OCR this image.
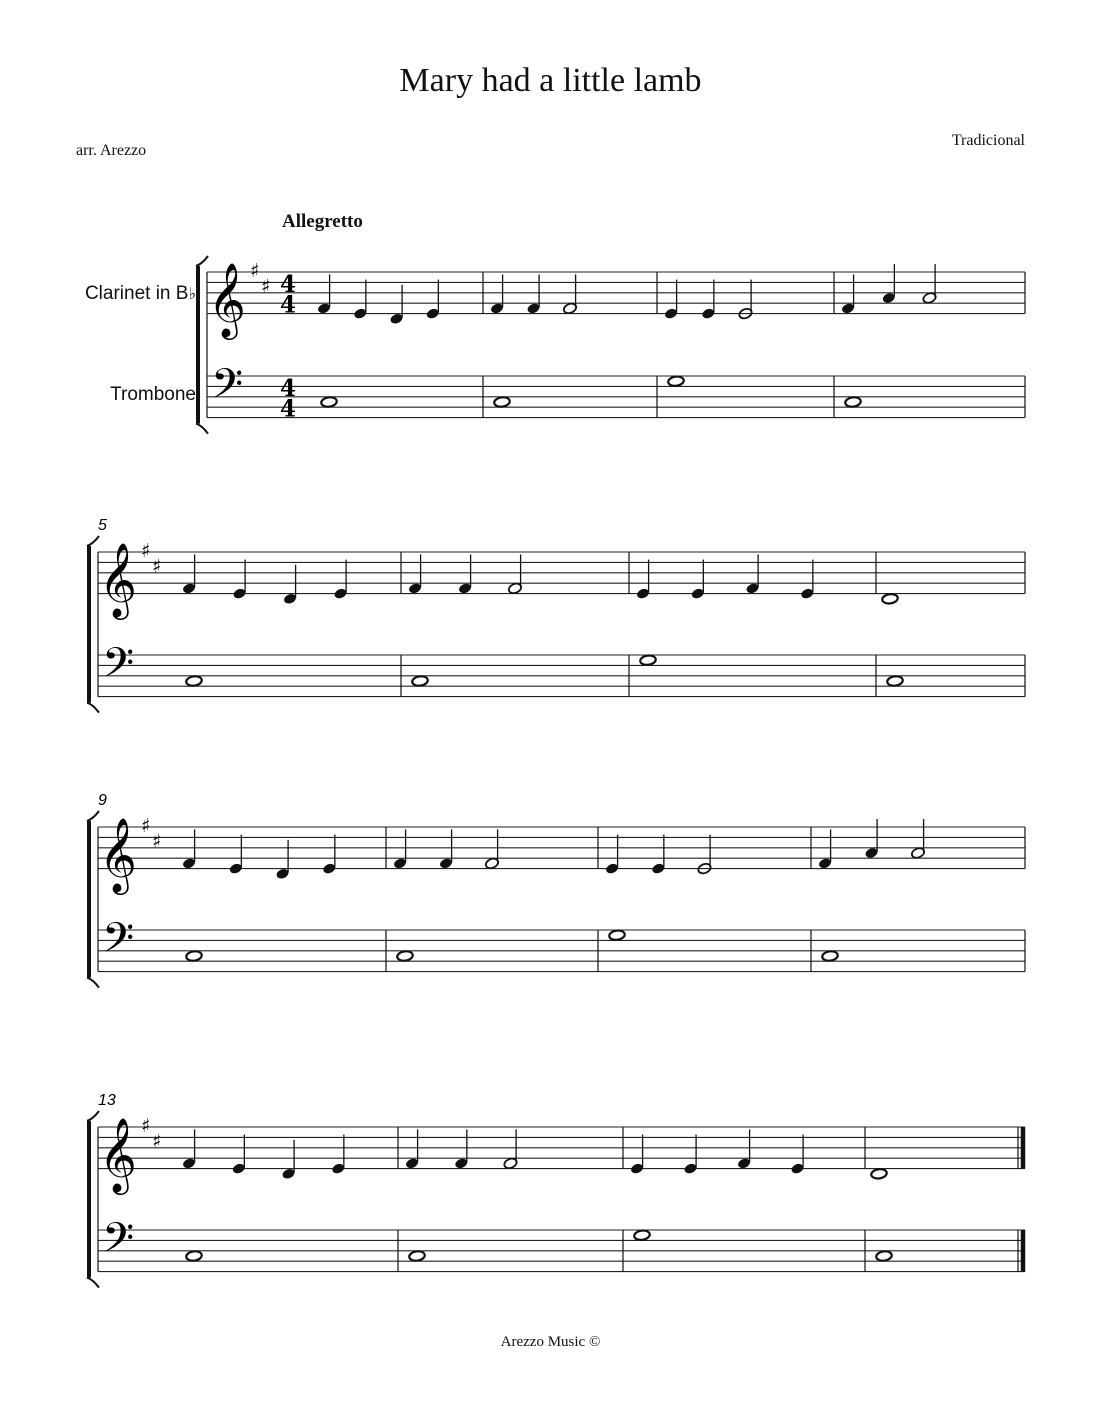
Mary had a little lamb
arr. Arezzo
Tradicional
Allegretto
Clarinet in B♭
Trombone
𝄞
𝄢
♯
♯ 4
4
4
4
𝄞
𝄢
♯
♯
5
𝄞
𝄢
♯
♯
9
𝄞
𝄢
♯
♯
13
Arezzo Music ©
